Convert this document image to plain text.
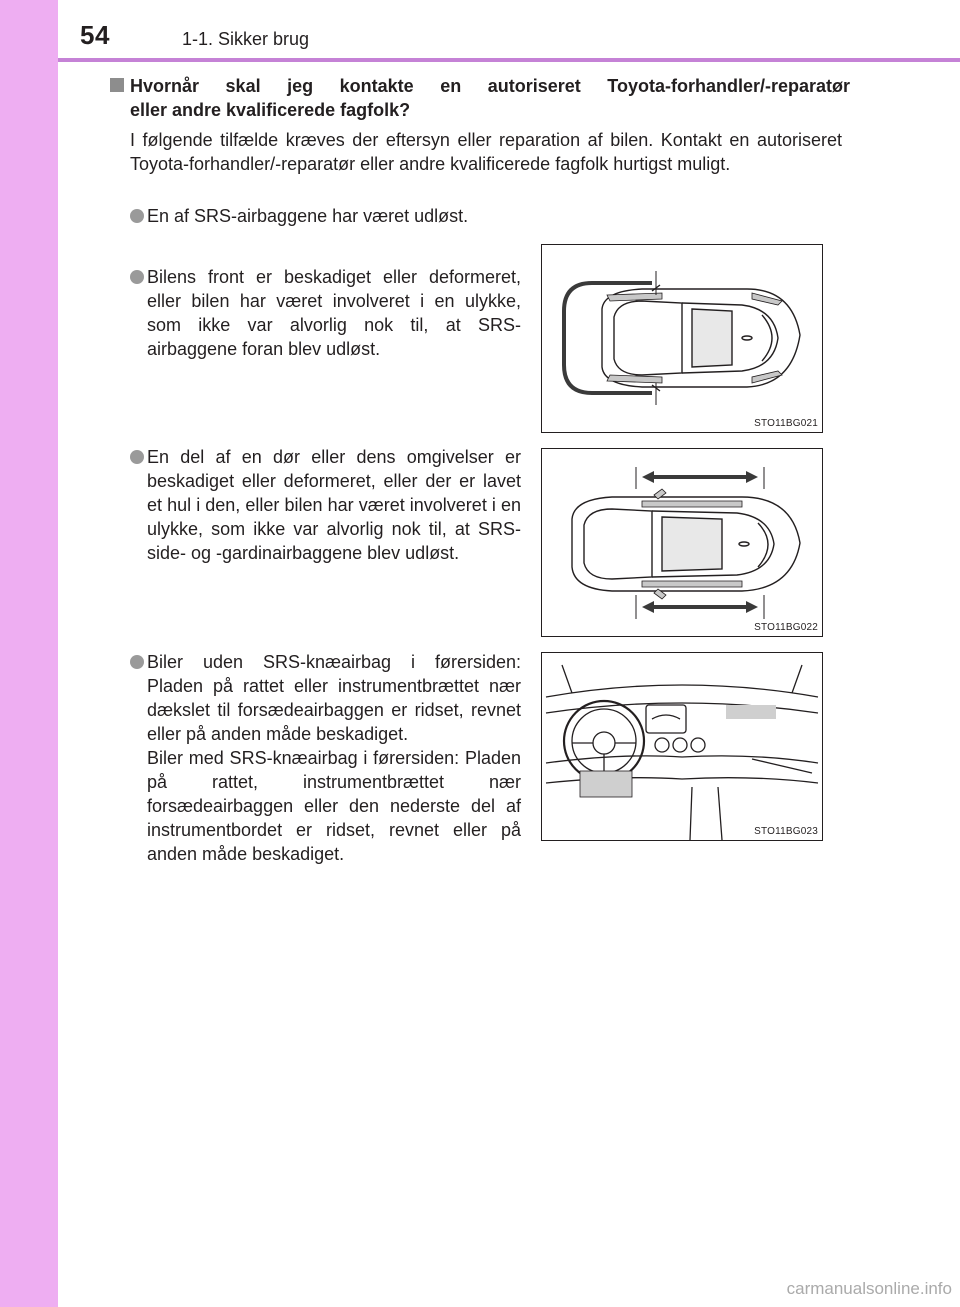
54	1-1. Sikker brug
Hvornår skal jeg kontakte en autoriseret Toyota-forhandler/-reparatør
eller andre kvalificerede fagfolk?
I følgende tilfælde kræves der eftersyn eller reparation af bilen. Kontakt en autoriseret Toyota-forhandler/-reparatør eller andre kvalificerede fagfolk hurtigst muligt.
En af SRS-airbaggene har været udløst.
Bilens front er beskadiget eller deformeret, eller bilen har været involveret i en ulykke, som ikke var alvorlig nok til, at SRS-airbaggene foran blev udløst.
En del af en dør eller dens omgivelser er beskadiget eller deformeret, eller der er lavet et hul i den, eller bilen har været involveret i en ulykke, som ikke var alvorlig nok til, at SRS-side- og -gardinairbaggene blev udløst.
Biler uden SRS-knæairbag i førersiden: Pladen på rattet eller instrumentbrættet nær dækslet til forsædeairbaggen er ridset, revnet eller på anden måde beskadiget.
Biler med SRS-knæairbag i førersiden: Pladen på rattet, instrumentbrættet nær forsædeairbaggen eller den nederste del af instrumentbordet er ridset, revnet eller på anden måde beskadiget.
STO11BG021
STO11BG022
STO11BG023
carmanualsonline.info
